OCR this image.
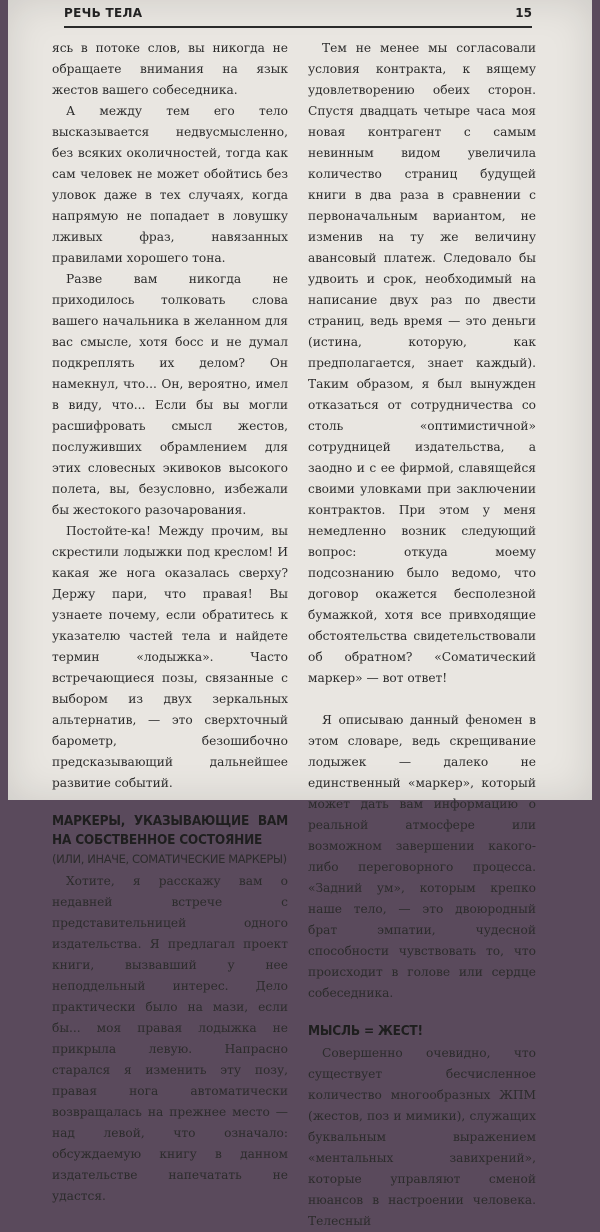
РЕЧЬ ТЕЛА	15

ясь в потоке слов, вы никогда не обращаете внимания на язык жестов вашего собеседника.

А между тем его тело высказывается недвусмысленно, без всяких околичностей, тогда как сам человек не может обойтись без уловок даже в тех случаях, когда напрямую не попадает в ловушку лживых фраз, навязанных правилами хорошего тона.

Разве вам никогда не приходилось толковать слова вашего начальника в желанном для вас смысле, хотя босс и не думал подкреплять их делом? Он намекнул, что... Он, вероятно, имел в виду, что... Если бы вы могли расшифровать смысл жестов, послуживших обрамлением для этих словесных экивоков высокого полета, вы, безусловно, избежали бы жестокого разочарования.

Постойте-ка! Между прочим, вы скрестили лодыжки под креслом! И какая же нога оказалась сверху? Держу пари, что правая! Вы узнаете почему, если обратитесь к указателю частей тела и найдете термин «лодыжка». Часто встречающиеся позы, связанные с выбором из двух зеркальных альтернатив, — это сверхточный барометр, безошибочно предсказывающий дальнейшее развитие событий.

МАРКЕРЫ, УКАЗЫВАЮЩИЕ ВАМ НА СОБСТВЕННОЕ СОСТОЯНИЕ
(ИЛИ, ИНАЧЕ, СОМАТИЧЕСКИЕ МАРКЕРЫ)

Хотите, я расскажу вам о недавней встрече с представительницей одного издательства. Я предлагал проект книги, вызвавший у нее неподдельный интерес. Дело практически было на мази, если бы... моя правая лодыжка не прикрыла левую. Напрасно старался я изменить эту позу, правая нога автоматически возвращалась на прежнее место — над левой, что означало: обсуждаемую книгу в данном издательстве напечатать не удастся.

Тем не менее мы согласовали условия контракта, к вящему удовлетворению обеих сторон. Спустя двадцать четыре часа моя новая контрагент с самым невинным видом увеличила количество страниц будущей книги в два раза в сравнении с первоначальным вариантом, не изменив на ту же величину авансовый платеж. Следовало бы удвоить и срок, необходимый на написание двух раз по двести страниц, ведь время — это деньги (истина, которую, как предполагается, знает каждый). Таким образом, я был вынужден отказаться от сотрудничества со столь «оптимистичной» сотрудницей издательства, а заодно и с ее фирмой, славящейся своими уловками при заключении контрактов. При этом у меня немедленно возник следующий вопрос: откуда моему подсознанию было ведомо, что договор окажется бесполезной бумажкой, хотя все привходящие обстоятельства свидетельствовали об обратном? «Соматический маркер» — вот ответ!

Я описываю данный феномен в этом словаре, ведь скрещивание лодыжек — далеко не единственный «маркер», который может дать вам информацию о реальной атмосфере или возможном завершении какого-либо переговорного процесса. «Задний ум», которым крепко наше тело, — это двоюродный брат эмпатии, чудесной способности чувствовать то, что происходит в голове или сердце собеседника.

МЫСЛЬ = ЖЕСТ!

Совершенно очевидно, что существует бесчисленное количество многообразных ЖПМ (жестов, поз и мимики), служащих буквальным выражением «ментальных завихрений», которые управляют сменой нюансов в настроении человека. Телесный
